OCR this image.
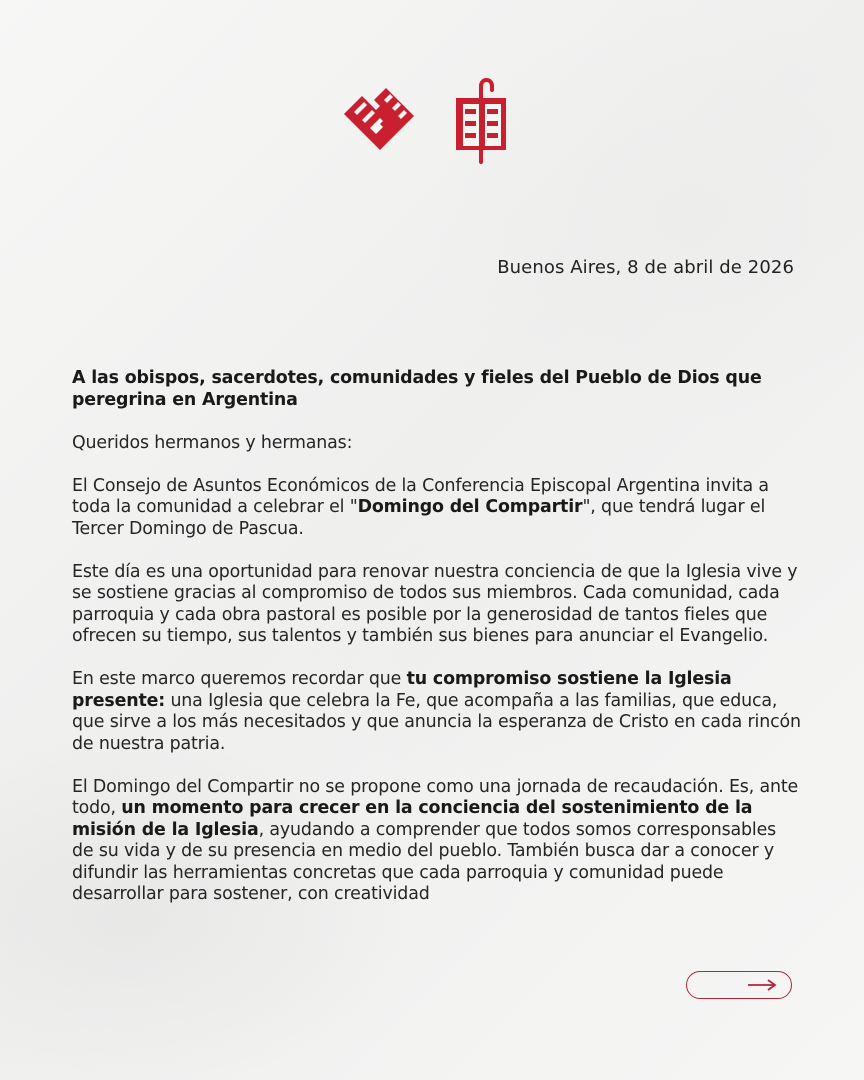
Buenos Aires, 8 de abril de 2026

A las obispos, sacerdotes, comunidades y fieles del Pueblo de Dios que peregrina en Argentina

Queridos hermanos y hermanas:

El Consejo de Asuntos Económicos de la Conferencia Episcopal Argentina invita a toda la comunidad a celebrar el "Domingo del Compartir", que tendrá lugar el Tercer Domingo de Pascua.

Este día es una oportunidad para renovar nuestra conciencia de que la Iglesia vive y se sostiene gracias al compromiso de todos sus miembros. Cada comunidad, cada parroquia y cada obra pastoral es posible por la generosidad de tantos fieles que ofrecen su tiempo, sus talentos y también sus bienes para anunciar el Evangelio.

En este marco queremos recordar que tu compromiso sostiene la Iglesia presente: una Iglesia que celebra la Fe, que acompaña a las familias, que educa, que sirve a los más necesitados y que anuncia la esperanza de Cristo en cada rincón de nuestra patria.

El Domingo del Compartir no se propone como una jornada de recaudación. Es, ante todo, un momento para crecer en la conciencia del sostenimiento de la misión de la Iglesia, ayudando a comprender que todos somos corresponsables de su vida y de su presencia en medio del pueblo. También busca dar a conocer y difundir las herramientas concretas que cada parroquia y comunidad puede desarrollar para sostener, con creatividad
